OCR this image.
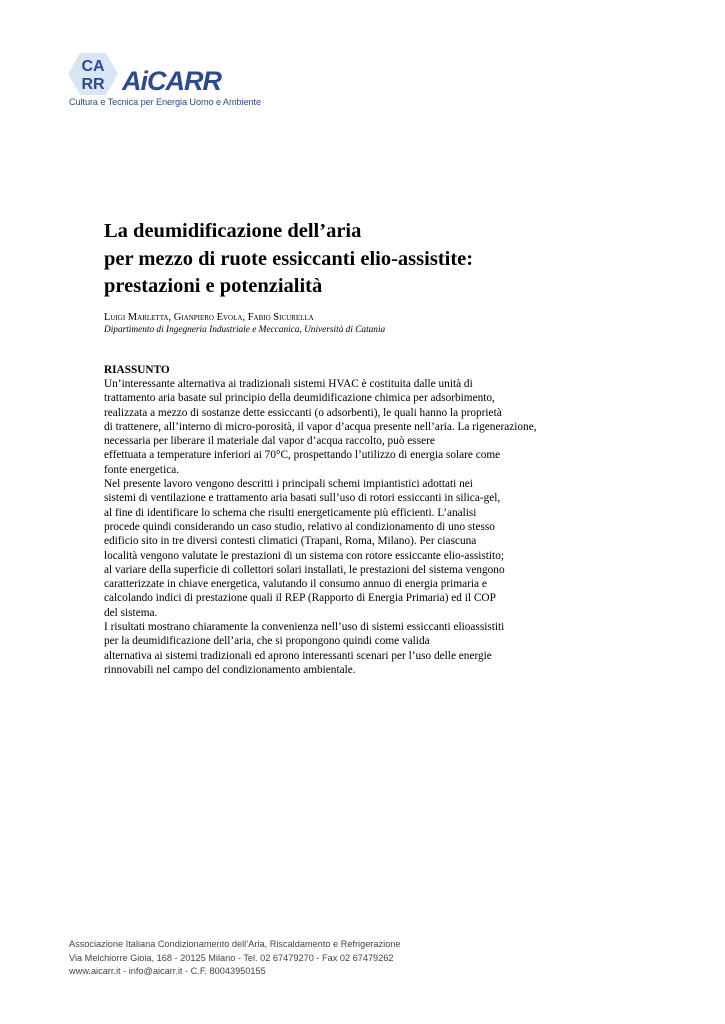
CA
RR AiCARR
Cultura e Tecnica per Energia Uomo e Ambiente
La deumidificazione dell’aria
per mezzo di ruote essiccanti elio-assistite:
prestazioni e potenzialità
Luigi Marletta, Gianpiero Evola, Fabio Sicurella
Dipartimento di Ingegneria Industriale e Meccanica, Università di Catania
RIASSUNTO
Un’interessante alternativa ai tradizionali sistemi HVAC è costituita dalle unità di
trattamento aria basate sul principio della deumidificazione chimica per adsorbimento,
realizzata a mezzo di sostanze dette essiccanti (o adsorbenti), le quali hanno la proprietà
di trattenere, all’interno di micro-porosità, il vapor d’acqua presente nell’aria. La rigenerazione,
necessaria per liberare il materiale dal vapor d’acqua raccolto, può essere
effettuata a temperature inferiori ai 70°C, prospettando l’utilizzo di energia solare come
fonte energetica.
Nel presente lavoro vengono descritti i principali schemi impiantistici adottati nei
sistemi di ventilazione e trattamento aria basati sull’uso di rotori essiccanti in silica-gel,
al fine di identificare lo schema che risulti energeticamente più efficienti. L’analisi
procede quindi considerando un caso studio, relativo al condizionamento di uno stesso
edificio sito in tre diversi contesti climatici (Trapani, Roma, Milano). Per ciascuna
località vengono valutate le prestazioni di un sistema con rotore essiccante elio-assistito;
al variare della superficie di collettori solari installati, le prestazioni del sistema vengono
caratterizzate in chiave energetica, valutando il consumo annuo di energia primaria e
calcolando indici di prestazione quali il REP (Rapporto di Energia Primaria) ed il COP
del sistema.
I risultati mostrano chiaramente la convenienza nell’uso di sistemi essiccanti elioassistiti
per la deumidificazione dell’aria, che si propongono quindi come valida
alternativa ai sistemi tradizionali ed aprono interessanti scenari per l’uso delle energie
rinnovabili nel campo del condizionamento ambientale.
Associazione Italiana Condizionamento dell’Aria, Riscaldamento e Refrigerazione
Via Melchiorre Gioia, 168 - 20125 Milano - Tel. 02 67479270 - Fax 02 67479262
www.aicarr.it - info@aicarr.it - C.F. 80043950155
